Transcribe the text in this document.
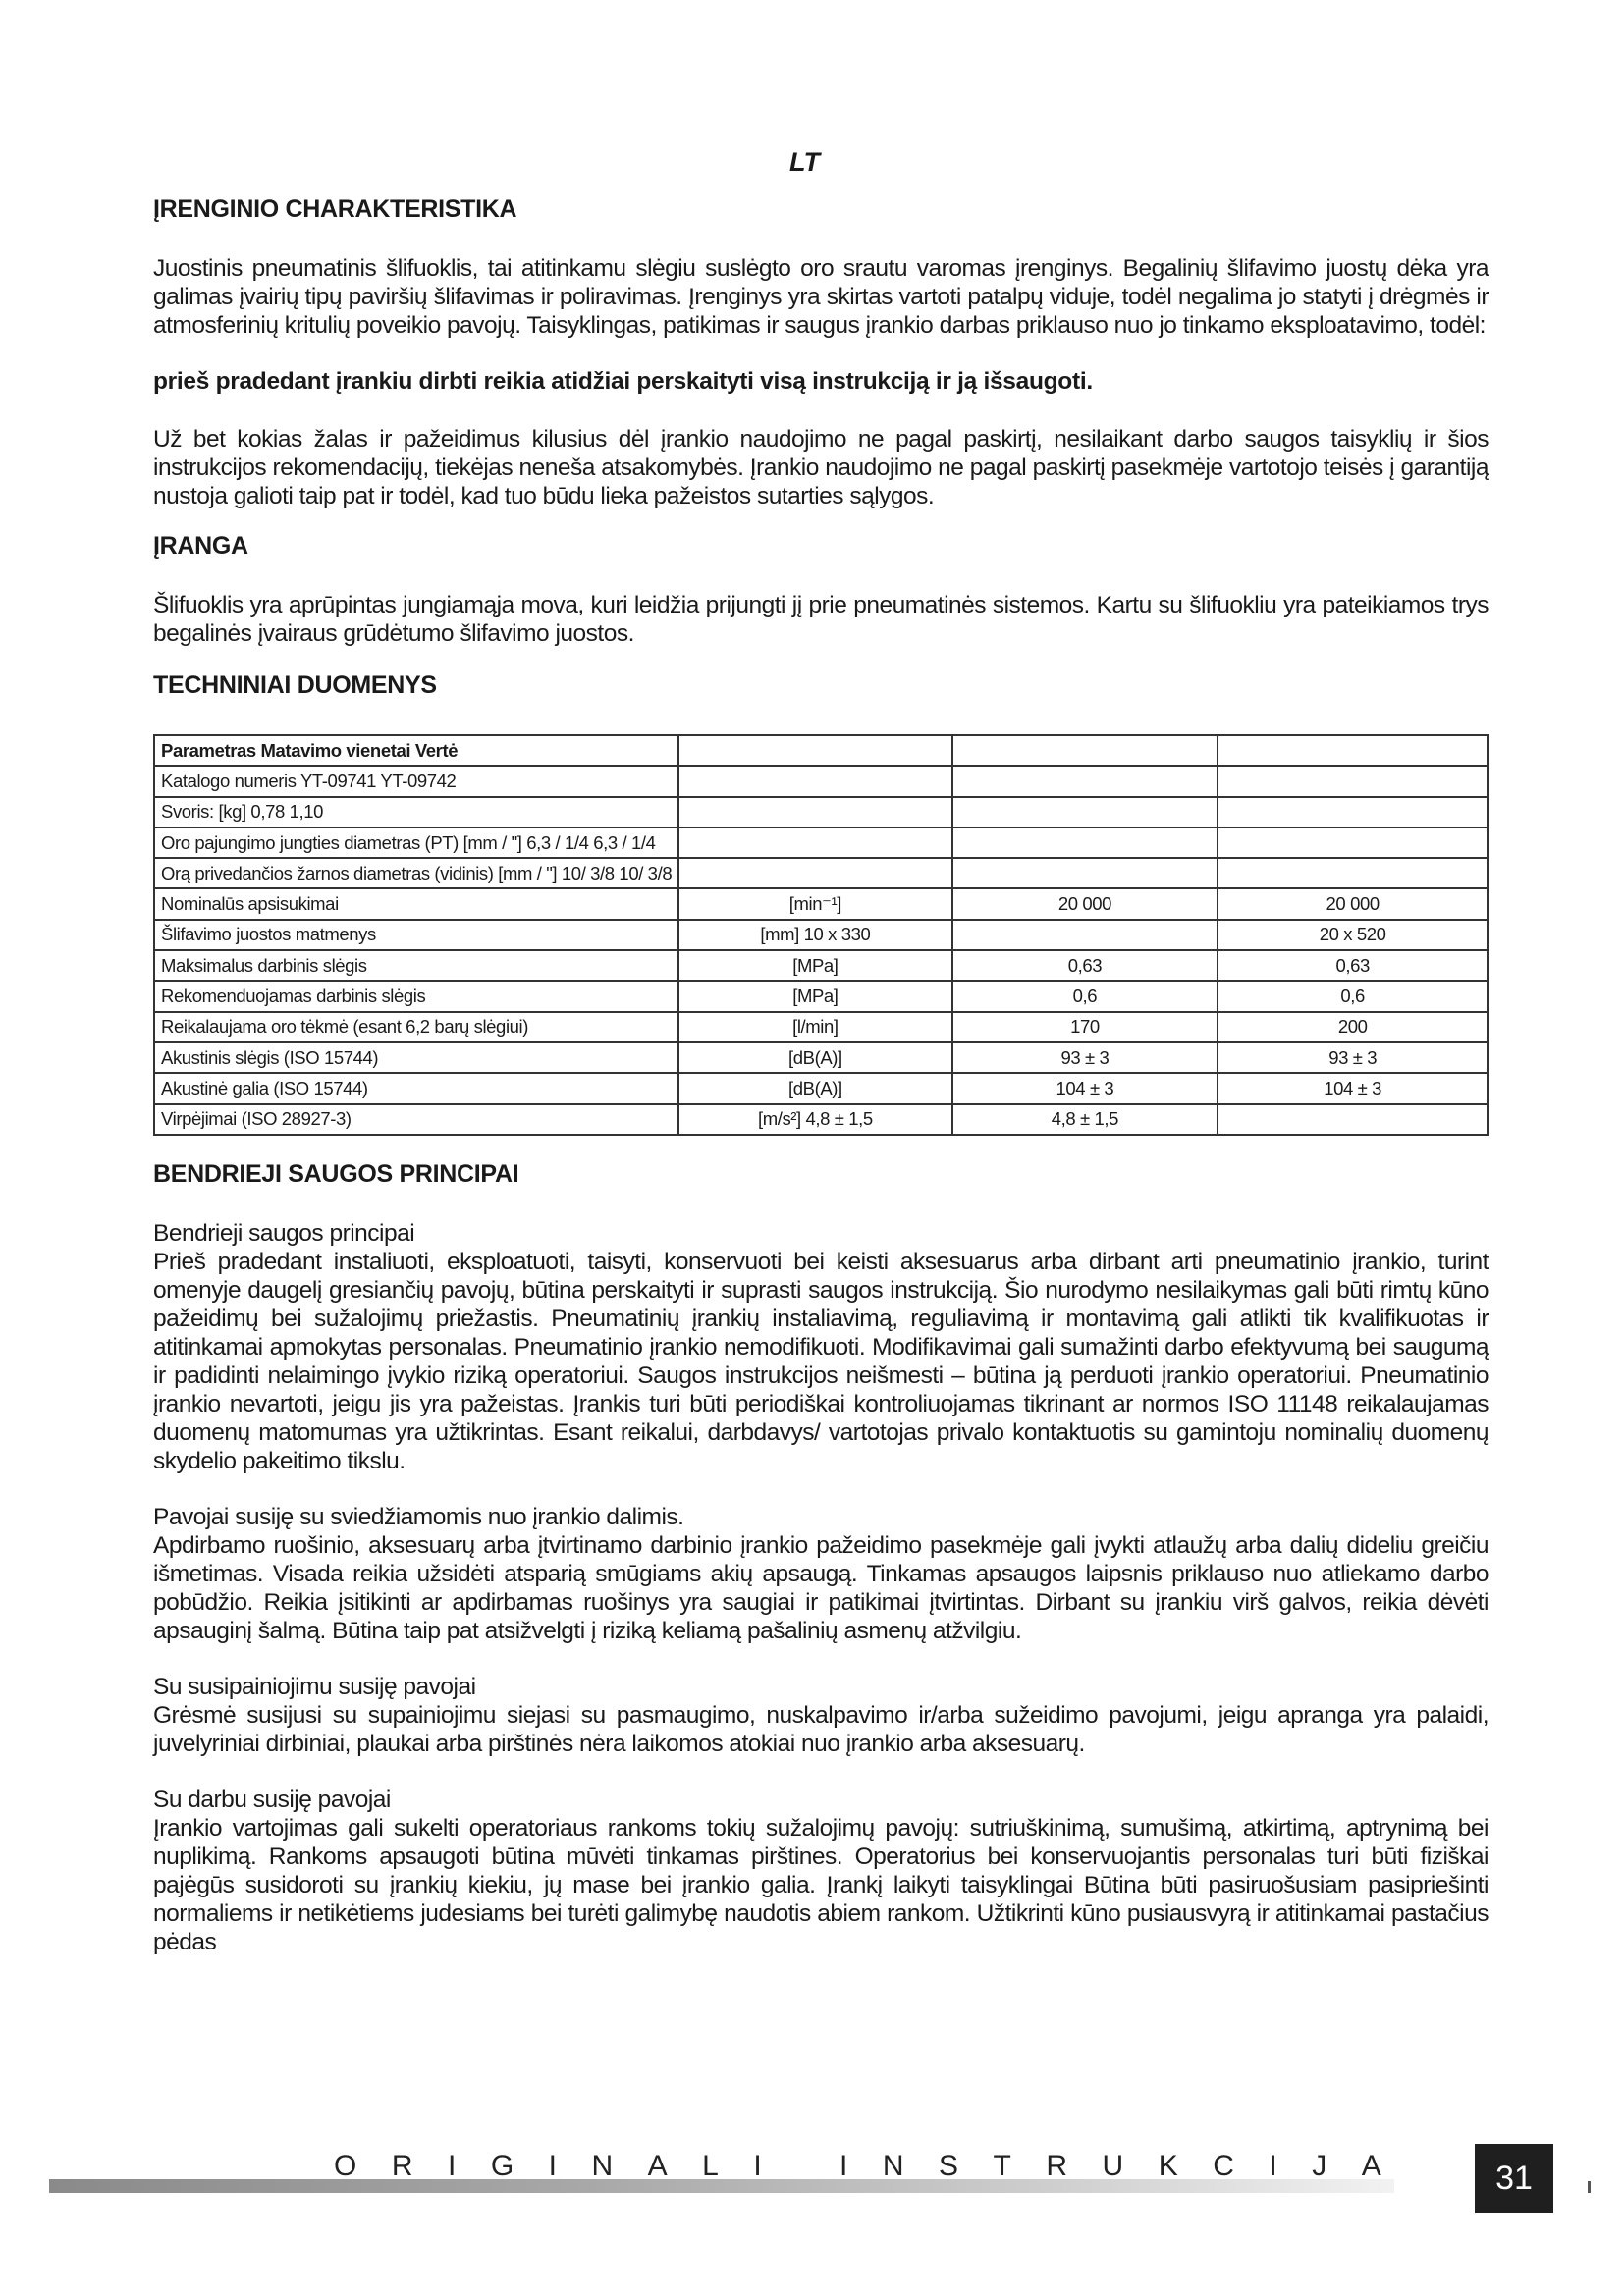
LT
ĮRENGINIO CHARAKTERISTIKA
Juostinis pneumatinis šlifuoklis, tai atitinkamu slėgiu suslėgto oro srautu varomas įrenginys. Begalinių šlifavimo juostų dėka yra galimas įvairių tipų paviršių šlifavimas ir poliravimas. Įrenginys yra skirtas vartoti patalpų viduje, todėl negalima jo statyti į drėgmės ir atmosferinių kritulių poveikio pavojų. Taisyklingas, patikimas ir saugus įrankio darbas priklauso nuo jo tinkamo eksploatavimo, todėl:
prieš pradedant įrankiu dirbti reikia atidžiai perskaityti visą instrukciją ir ją išsaugoti.
Už bet kokias žalas ir pažeidimus kilusius dėl įrankio naudojimo ne pagal paskirtį, nesilaikant darbo saugos taisyklių ir šios instrukcijos rekomendacijų, tiekėjas neneša atsakomybės. Įrankio naudojimo ne pagal paskirtį pasekmėje vartotojo teisės į garantiją nustoja galioti taip pat ir todėl, kad tuo būdu lieka pažeistos sutarties sąlygos.
ĮRANGA
Šlifuoklis yra aprūpintas jungiamąja mova, kuri leidžia prijungti jį prie pneumatinės sistemos. Kartu su šlifuokliu yra pateikiamos trys begalinės įvairaus grūdėtumo šlifavimo juostos.
TECHNINIAI DUOMENYS
Parametras Matavimo vienetai Vertė			
Katalogo numeris YT-09741 YT-09742			
Svoris: [kg] 0,78 1,10			
Oro pajungimo jungties diametras (PT) [mm / "] 6,3 / 1/4 6,3 / 1/4			
Orą privedančios žarnos diametras (vidinis) [mm / "] 10/ 3/8 10/ 3/8			
Nominalūs apsisukimai	[min⁻¹]	20 000	20 000
Šlifavimo juostos matmenys	[mm] 10 x 330		20 x 520
Maksimalus darbinis slėgis	[MPa]	0,63	0,63
Rekomenduojamas darbinis slėgis	[MPa]	0,6	0,6
Reikalaujama oro tėkmė (esant 6,2 barų slėgiui)	[l/min]	170	200
Akustinis slėgis (ISO 15744)	[dB(A)]	93 ± 3	93 ± 3
Akustinė galia (ISO 15744)	[dB(A)]	104 ± 3	104 ± 3
Virpėjimai (ISO 28927-3)	[m/s²] 4,8 ± 1,5	4,8 ± 1,5	
BENDRIEJI SAUGOS PRINCIPAI
Bendrieji saugos principai
Prieš pradedant instaliuoti, eksploatuoti, taisyti, konservuoti bei keisti aksesuarus arba dirbant arti pneumatinio įrankio, turint omenyje daugelį gresiančių pavojų, būtina perskaityti ir suprasti saugos instrukciją. Šio nurodymo nesilaikymas gali būti rimtų kūno pažeidimų bei sužalojimų priežastis. Pneumatinių įrankių instaliavimą, reguliavimą ir montavimą gali atlikti tik kvalifikuotas ir atitinkamai apmokytas personalas. Pneumatinio įrankio nemodifikuoti. Modifikavimai gali sumažinti darbo efektyvumą bei saugumą ir padidinti nelaimingo įvykio riziką operatoriui. Saugos instrukcijos neišmesti – būtina ją perduoti įrankio operatoriui. Pneumatinio įrankio nevartoti, jeigu jis yra pažeistas. Įrankis turi būti periodiškai kontroliuojamas tikrinant ar normos ISO 11148 reikalaujamas duomenų matomumas yra užtikrintas. Esant reikalui, darbdavys/ vartotojas privalo kontaktuotis su gamintoju nominalių duomenų skydelio pakeitimo tikslu.
Pavojai susiję su sviedžiamomis nuo įrankio dalimis.
Apdirbamo ruošinio, aksesuarų arba įtvirtinamo darbinio įrankio pažeidimo pasekmėje gali įvykti atlaužų arba dalių dideliu greičiu išmetimas. Visada reikia užsidėti atsparią smūgiams akių apsaugą. Tinkamas apsaugos laipsnis priklauso nuo atliekamo darbo pobūdžio. Reikia įsitikinti ar apdirbamas ruošinys yra saugiai ir patikimai įtvirtintas. Dirbant su įrankiu virš galvos, reikia dėvėti apsauginį šalmą. Būtina taip pat atsižvelgti į riziką keliamą pašalinių asmenų atžvilgiu.
Su susipainiojimu susiję pavojai
Grėsmė susijusi su supainiojimu siejasi su pasmaugimo, nuskalpavimo ir/arba sužeidimo pavojumi, jeigu apranga yra palaidi, juvelyriniai dirbiniai, plaukai arba pirštinės nėra laikomos atokiai nuo įrankio arba aksesuarų.
Su darbu susiję pavojai
Įrankio vartojimas gali sukelti operatoriaus rankoms tokių sužalojimų pavojų: sutriuškinimą, sumušimą, atkirtimą, aptrynimą bei nuplikimą. Rankoms apsaugoti būtina mūvėti tinkamas pirštines. Operatorius bei konservuojantis personalas turi būti fiziškai pajėgūs susidoroti su įrankių kiekiu, jų mase bei įrankio galia. Įrankį laikyti taisyklingai Būtina būti pasiruošusiam pasipriešinti normaliems ir netikėtiems judesiams bei turėti galimybę naudotis abiem rankom. Užtikrinti kūno pusiausvyrą ir atitinkamai pastačius pėdas
ORIGINALI INSTRUKCIJA	31
